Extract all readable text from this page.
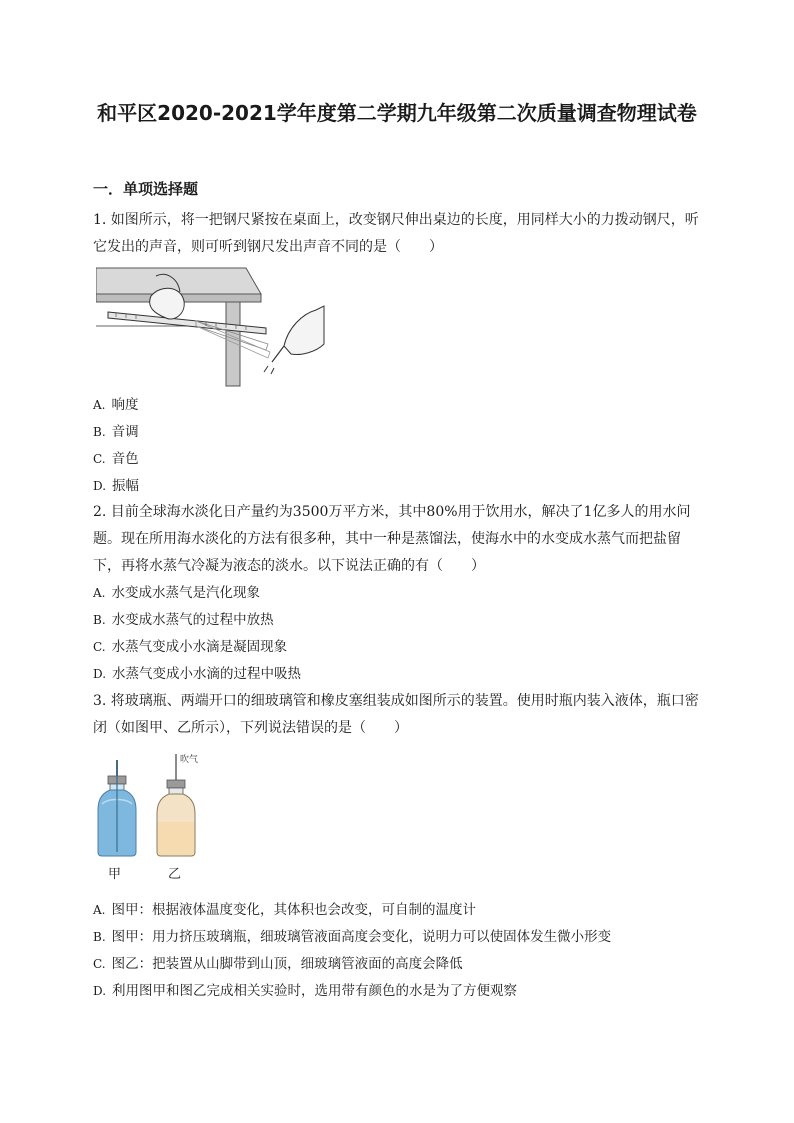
和平区2020-2021学年度第二学期九年级第二次质量调查物理试卷
一．单项选择题
1. 如图所示，将一把钢尺紧按在桌面上，改变钢尺伸出桌边的长度，用同样大小的力拨动钢尺，听它发出的声音，则可听到钢尺发出声音不同的是（　　）
A. 响度
B. 音调
C. 音色
D. 振幅
2. 目前全球海水淡化日产量约为3500万平方米，其中80%用于饮用水，解决了1亿多人的用水问题。现在所用海水淡化的方法有很多种，其中一种是蒸馏法，使海水中的水变成水蒸气而把盐留下，再将水蒸气冷凝为液态的淡水。以下说法正确的有（　　）
A. 水变成水蒸气是汽化现象
B. 水变成水蒸气的过程中放热
C. 水蒸气变成小水滴是凝固现象
D. 水蒸气变成小水滴的过程中吸热
3. 将玻璃瓶、两端开口的细玻璃管和橡皮塞组装成如图所示的装置。使用时瓶内装入液体，瓶口密闭（如图甲、乙所示），下列说法错误的是（　　）
吹气
甲	乙
A. 图甲：根据液体温度变化，其体积也会改变，可自制的温度计
B. 图甲：用力挤压玻璃瓶，细玻璃管液面高度会变化，说明力可以使固体发生微小形变
C. 图乙：把装置从山脚带到山顶，细玻璃管液面的高度会降低
D. 利用图甲和图乙完成相关实验时，选用带有颜色的水是为了方便观察
